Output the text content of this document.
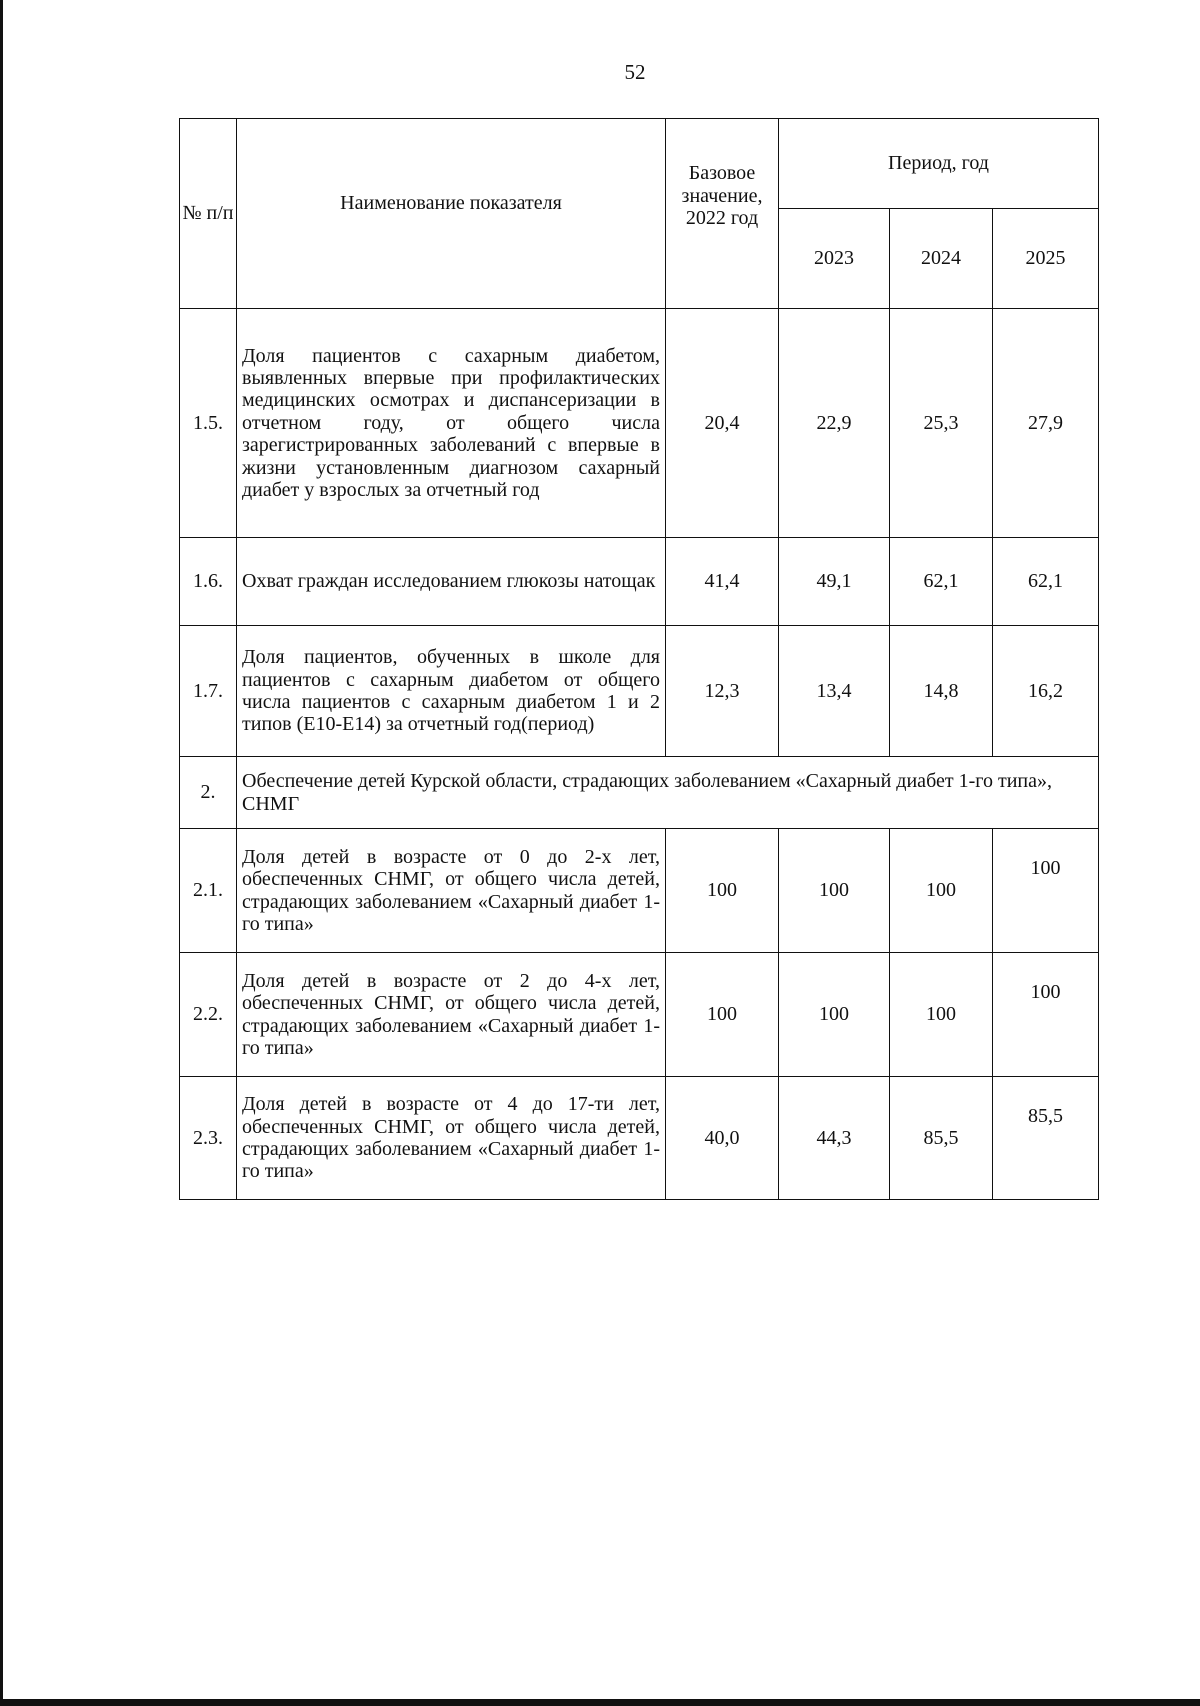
52
№ п/п	Наименование показателя	Базовое значение, 2022 год	Период, год		
			2023	2024	2025
1.5.	Доля пациентов с сахарным диабетом, выявленных впервые при профилактических медицинских осмотрах и диспансеризации в отчетном году, от общего числа зарегистрированных заболеваний с впервые в жизни установленным диагнозом сахарный диабет у взрослых за отчетный год	20,4	22,9	25,3	27,9
1.6.	Охват граждан исследованием глюкозы натощак	41,4	49,1	62,1	62,1
1.7.	Доля пациентов, обученных в школе для пациентов с сахарным диабетом от общего числа пациентов с сахарным диабетом 1 и 2 типов (Е10-Е14) за отчетный год(период)	12,3	13,4	14,8	16,2
2.	Обеспечение детей Курской области, страдающих заболеванием «Сахарный диабет 1-го типа», СНМГ				
2.1.	Доля детей в возрасте от 0 до 2-х лет, обеспеченных СНМГ, от общего числа детей, страдающих заболеванием «Сахарный диабет 1-го типа»	100	100	100	100
2.2.	Доля детей в возрасте от 2 до 4-х лет, обеспеченных СНМГ, от общего числа детей, страдающих заболеванием «Сахарный диабет 1-го типа»	100	100	100	100
2.3.	Доля детей в возрасте от 4 до 17-ти лет, обеспеченных СНМГ, от общего числа детей, страдающих заболеванием «Сахарный диабет 1-го типа»	40,0	44,3	85,5	85,5
